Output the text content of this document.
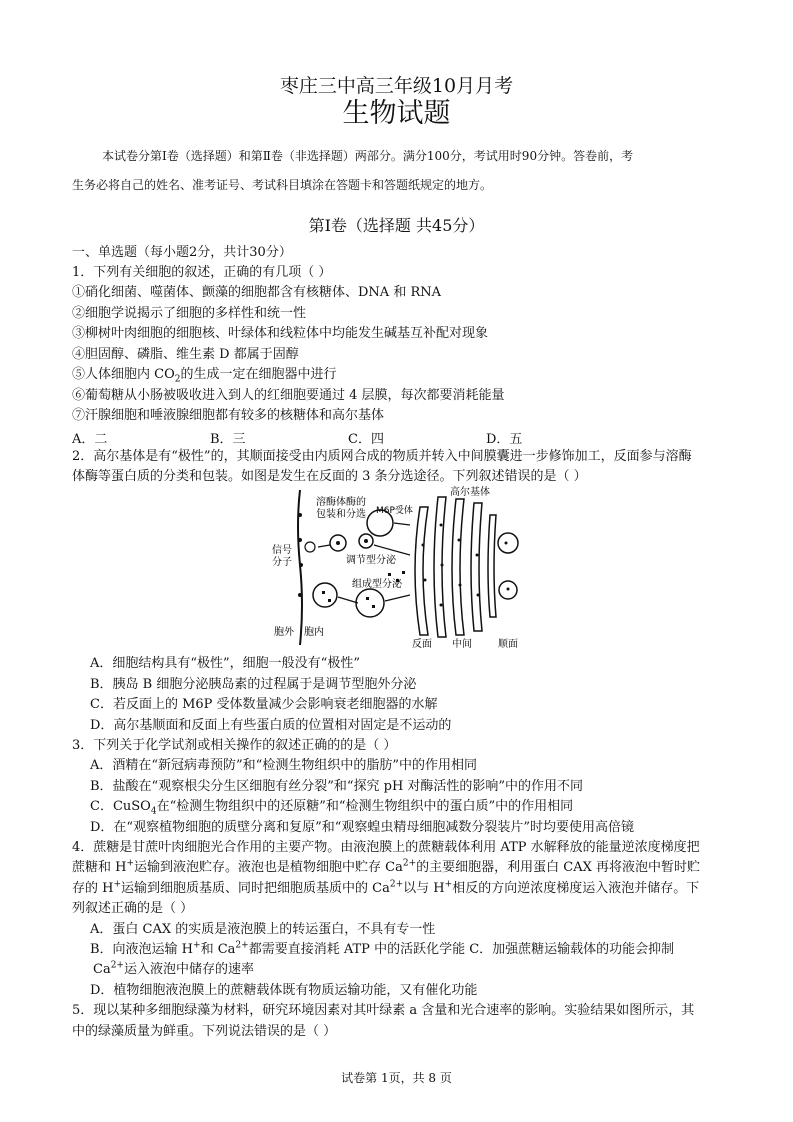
枣庄三中高三年级10月月考
生物试题
本试卷分第Ⅰ卷（选择题）和第Ⅱ卷（非选择题）两部分。满分100分，考试用时90分钟。答卷前，考
生务必将自己的姓名、准考证号、考试科目填涂在答题卡和答题纸规定的地方。
第Ⅰ卷（选择题 共45分）
一、单选题（每小题2分，共计30分）
1．下列有关细胞的叙述，正确的有几项（ ）
①硝化细菌、噬菌体、颤藻的细胞都含有核糖体、DNA 和 RNA
②细胞学说揭示了细胞的多样性和统一性
③柳树叶肉细胞的细胞核、叶绿体和线粒体中均能发生碱基互补配对现象
④胆固醇、磷脂、维生素 D 都属于固醇
⑤人体细胞内 $CO_2$的生成一定在细胞器中进行
⑥葡萄糖从小肠被吸收进入到人的红细胞要通过 4 层膜，每次都要消耗能量
⑦汗腺细胞和唾液腺细胞都有较多的核糖体和高尔基体
A．二	B．三	C．四	D．五
2．高尔基体是有“极性”的，其顺面接受由内质网合成的物质并转入中间膜囊进一步修饰加工，反面参与溶酶
体酶等蛋白质的分类和包装。如图是发生在反面的 3 条分选途径。下列叙述错误的是（ ）
高尔基体
M6P受体
溶酶体酶的
包装和分选
信号
分子	调节型分泌
组成型分泌
胞外 胞内
反面 中间	顺面
A．细胞结构具有“极性”，细胞一般没有“极性”
B．胰岛 B 细胞分泌胰岛素的过程属于是调节型胞外分泌
C．若反面上的 M6P 受体数量减少会影响衰老细胞器的水解
D．高尔基顺面和反面上有些蛋白质的位置相对固定是不运动的
3．下列关于化学试剂或相关操作的叙述正确的的是（ ）
A．酒精在“新冠病毒预防”和“检测生物组织中的脂肪”中的作用相同
B．盐酸在“观察根尖分生区细胞有丝分裂”和“探究 pH 对酶活性的影响”中的作用不同
C．CuSO$_4$在“检测生物组织中的还原糖”和“检测生物组织中的蛋白质”中的作用相同
D．在“观察植物细胞的质壁分离和复原”和“观察蝗虫精母细胞减数分裂装片”时均要使用高倍镜
4．蔗糖是甘蔗叶肉细胞光合作用的主要产物。由液泡膜上的蔗糖载体利用 ATP 水解释放的能量逆浓度梯度把
蔗糖和 H+运输到液泡贮存。液泡也是植物细胞中贮存 $Ca^{2+}$的主要细胞器，利用蛋白 CAX 再将液泡中暂时贮
存的 H+运输到细胞质基质、同时把细胞质基质中的 $Ca^{2+}$以与 H+相反的方向逆浓度梯度运入液泡并储存。下
列叙述正确的是（ ）
A．蛋白 CAX 的实质是液泡膜上的转运蛋白，不具有专一性
B．向液泡运输 H+和 $Ca^{2+}$都需要直接消耗 ATP 中的活跃化学能 C．加强蔗糖运输载体的功能会抑制
$Ca^{2+}$运入液泡中储存的速率
D．植物细胞液泡膜上的蔗糖载体既有物质运输功能，又有催化功能
5．现以某种多细胞绿藻为材料，研究环境因素对其叶绿素 a 含量和光合速率的影响。实验结果如图所示，其
中的绿藻质量为鲜重。下列说法错误的是（ ）
试卷第 1页，共 8 页
